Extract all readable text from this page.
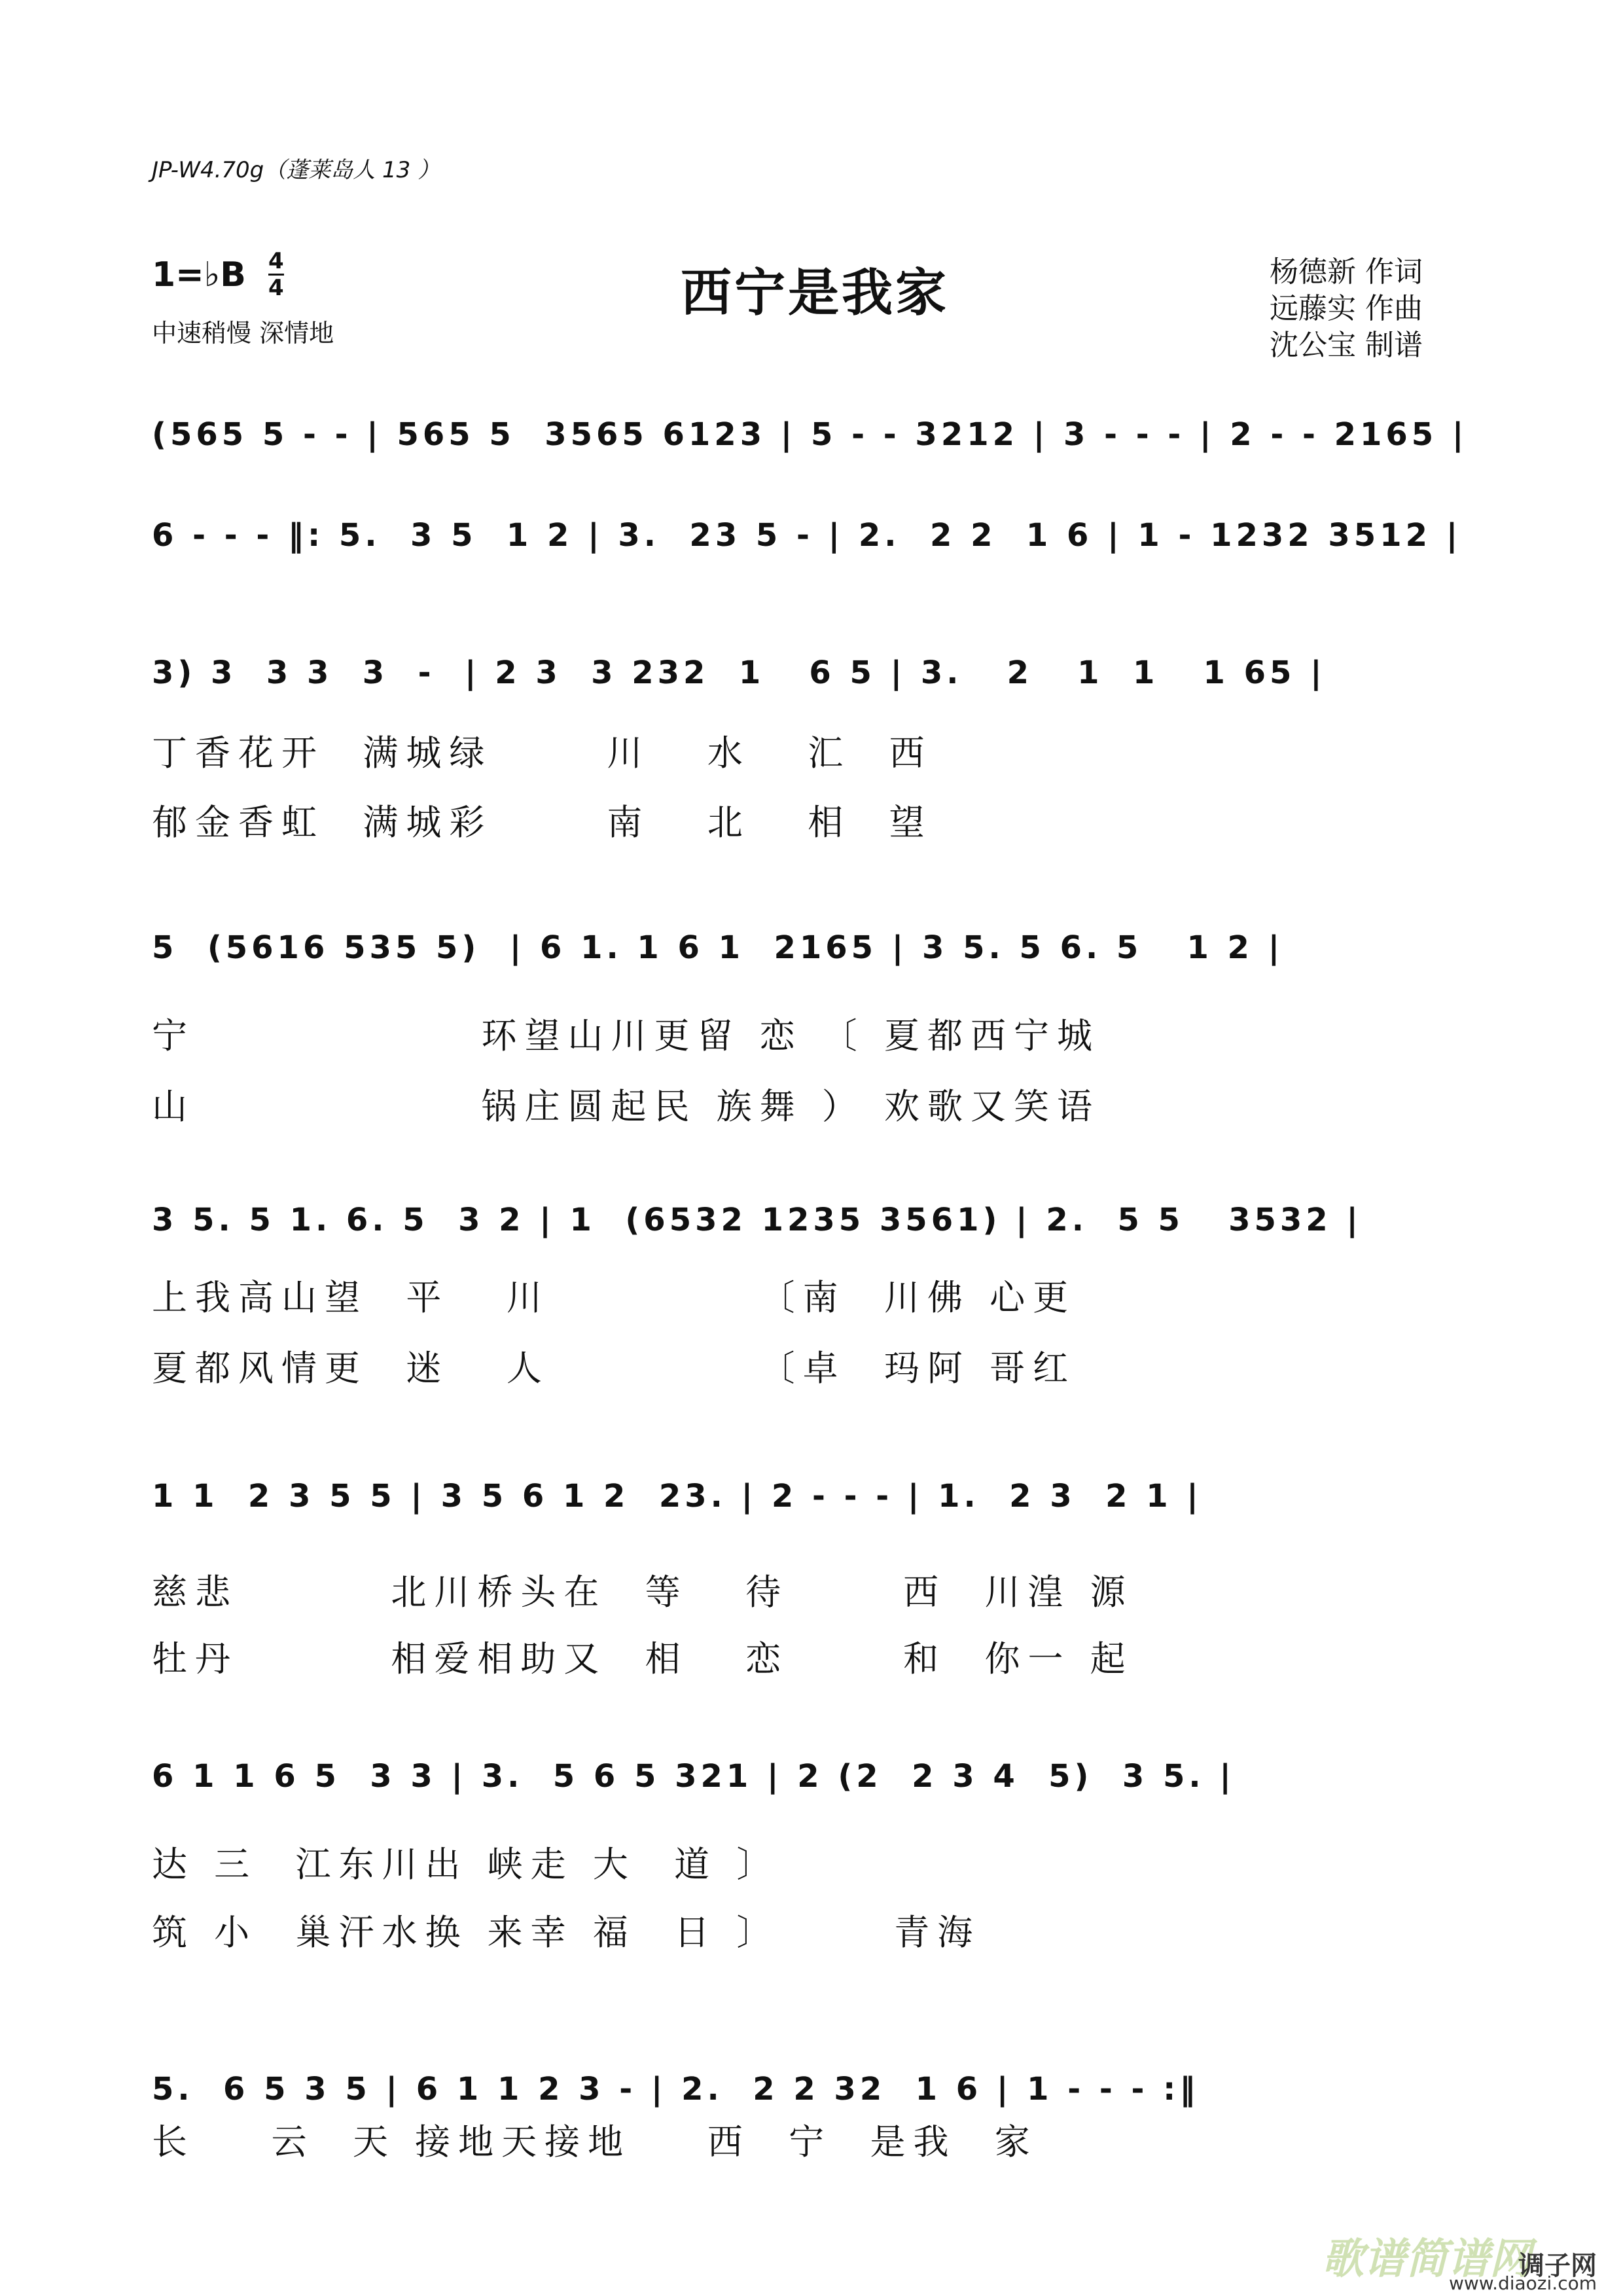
JP-W4.70g（蓬莱岛人 13 ）
1=♭B 4
4
中速稍慢 深情地
西宁是我家	杨德新 作词
远藤实 作曲
沈公宝 制谱
(565 5 - - | 565 5  3565 6123 | 5 - - 3212 | 3 - - - | 2 - - 2165 |
6 - - - ‖: 5.  3 5  1 2 | 3.  23 5 - | 2.  2 2  1 6 | 1 - 1232 3512 |
3) 3  3 3  3  -  | 2 3  3 232  1   6 5 | 3.   2   1  1   1 65 |
丁香花开  满城绿      川   水   汇  西
郁金香虹  满城彩      南   北   相  望
5  (5616 535 5)  | 6 1. 1 6 1  2165 | 3 5. 5 6. 5   1 2 |
宁               环望山川更留 恋 〔 夏都西宁城
山               锅庄圆起民 族舞 ） 欢歌又笑语
3 5. 5 1. 6. 5  3 2 | 1  (6532 1235 3561) | 2.  5 5   3532 |
上我高山望  平   川           〔南  川佛 心更
夏都风情更  迷   人           〔卓  玛阿 哥红
1 1  2 3 5 5 | 3 5 6 1 2  23. | 2 - - - | 1.  2 3  2 1 |
慈悲        北川桥头在  等   待      西  川湟 源
牡丹        相爱相助又  相   恋      和  你一 起
6 1 1 6 5  3 3 | 3.  5 6 5 321 | 2 (2  2 3 4  5)  3 5. |
达 三  江东川出 峡走 大  道 〕
筑 小  巢汗水换 来幸 福  日 〕      青海
5.  6 5 3 5 | 6 1 1 2 3 - | 2.  2 2 32  1 6 | 1 - - - :‖
长    云  天 接地天接地    西  宁  是我  家
歌谱简谱网
调子网
www.diaozi.com
